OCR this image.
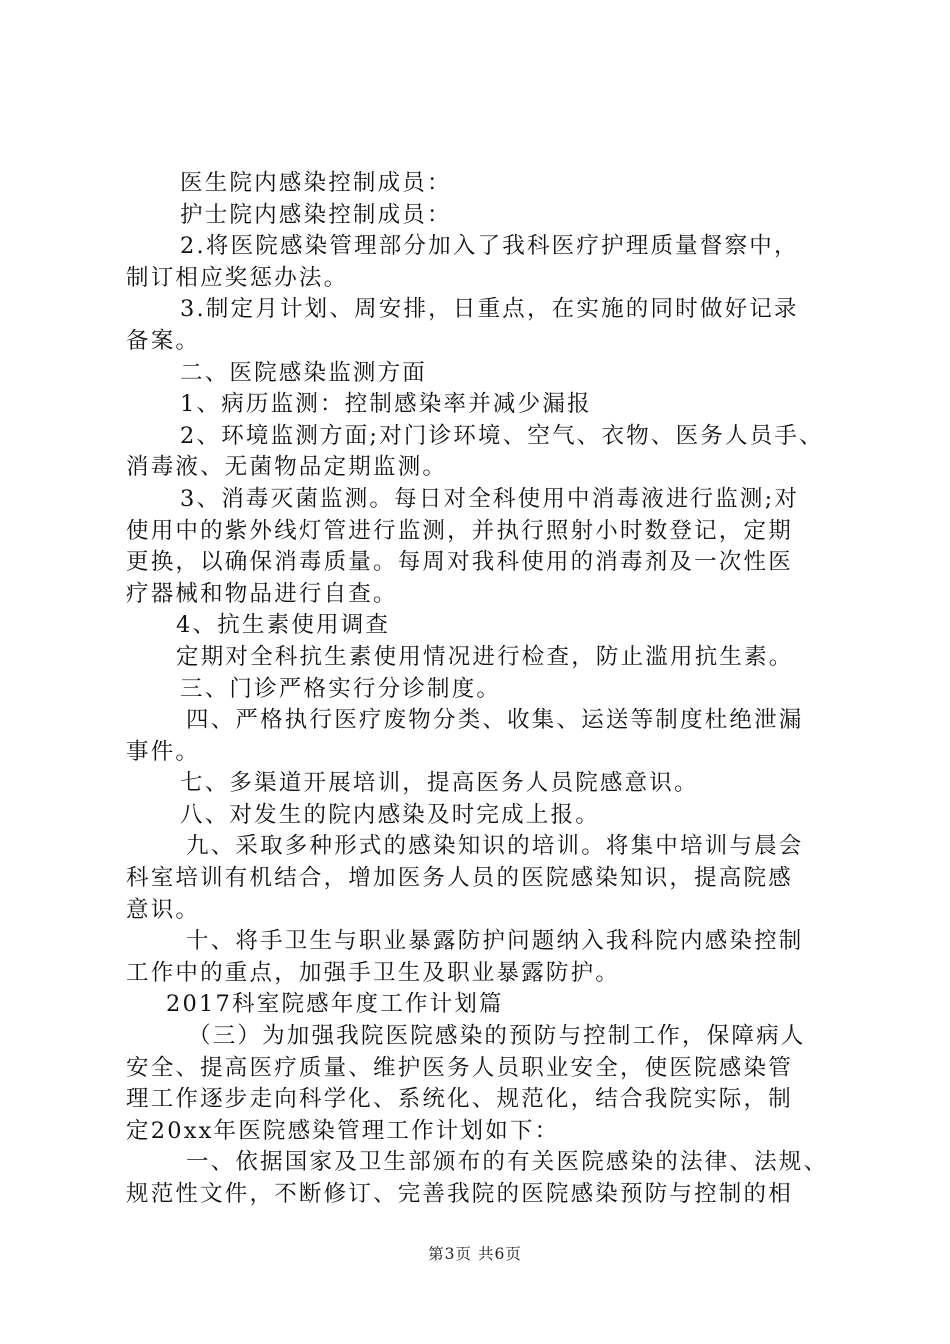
医生院内感染控制成员：
护士院内感染控制成员：
2.将医院感染管理部分加入了我科医疗护理质量督察中，
制订相应奖惩办法。
3.制定月计划、周安排，日重点，在实施的同时做好记录
备案。
二、医院感染监测方面
1、病历监测：控制感染率并减少漏报
2、环境监测方面;对门诊环境、空气、衣物、医务人员手、
消毒液、无菌物品定期监测。
3、消毒灭菌监测。每日对全科使用中消毒液进行监测;对
使用中的紫外线灯管进行监测，并执行照射小时数登记，定期
更换，以确保消毒质量。每周对我科使用的消毒剂及一次性医
疗器械和物品进行自查。
4、抗生素使用调查
定期对全科抗生素使用情况进行检查，防止滥用抗生素。
三、门诊严格实行分诊制度。
四、严格执行医疗废物分类、收集、运送等制度杜绝泄漏
事件。
七、多渠道开展培训，提高医务人员院感意识。
八、对发生的院内感染及时完成上报。
九、采取多种形式的感染知识的培训。将集中培训与晨会
科室培训有机结合，增加医务人员的医院感染知识，提高院感
意识。
十、将手卫生与职业暴露防护问题纳入我科院内感染控制
工作中的重点，加强手卫生及职业暴露防护。
2017科室院感年度工作计划篇
（三）为加强我院医院感染的预防与控制工作，保障病人
安全、提高医疗质量、维护医务人员职业安全，使医院感染管
理工作逐步走向科学化、系统化、规范化，结合我院实际，制
定20xx年医院感染管理工作计划如下：
一、依据国家及卫生部颁布的有关医院感染的法律、法规、
规范性文件，不断修订、完善我院的医院感染预防与控制的相
第3页 共6页
